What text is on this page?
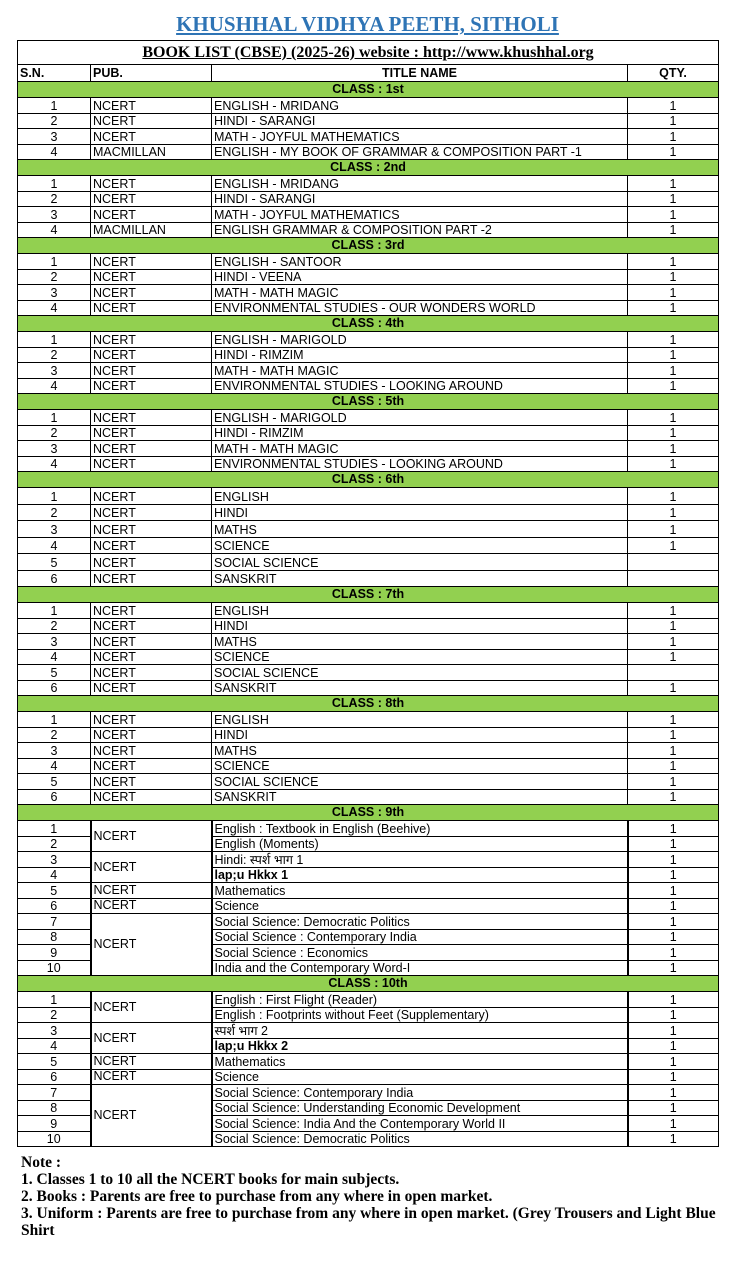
KHUSHHAL VIDHYA PEETH, SITHOLI
BOOK LIST (CBSE) (2025-26) website : http://www.khushhal.org			
S.N.	PUB.	TITLE NAME	QTY.
CLASS : 1st			
1	NCERT	ENGLISH - MRIDANG	1
2	NCERT	HINDI - SARANGI	1
3	NCERT	MATH - JOYFUL MATHEMATICS	1
4	MACMILLAN	ENGLISH - MY BOOK OF GRAMMAR & COMPOSITION PART -1	1
CLASS : 2nd			
1	NCERT	ENGLISH - MRIDANG	1
2	NCERT	HINDI - SARANGI	1
3	NCERT	MATH - JOYFUL MATHEMATICS	1
4	MACMILLAN	ENGLISH GRAMMAR & COMPOSITION PART -2	1
CLASS : 3rd			
1	NCERT	ENGLISH - SANTOOR	1
2	NCERT	HINDI - VEENA	1
3	NCERT	MATH - MATH MAGIC	1
4	NCERT	ENVIRONMENTAL STUDIES - OUR WONDERS WORLD	1
CLASS : 4th			
1	NCERT	ENGLISH - MARIGOLD	1
2	NCERT	HINDI - RIMZIM	1
3	NCERT	MATH - MATH MAGIC	1
4	NCERT	ENVIRONMENTAL STUDIES - LOOKING AROUND	1
CLASS : 5th			
1	NCERT	ENGLISH - MARIGOLD	1
2	NCERT	HINDI - RIMZIM	1
3	NCERT	MATH - MATH MAGIC	1
4	NCERT	ENVIRONMENTAL STUDIES - LOOKING AROUND	1
CLASS : 6th			
1	NCERT	ENGLISH	1
2	NCERT	HINDI	1
3	NCERT	MATHS	1
4	NCERT	SCIENCE	1
5	NCERT	SOCIAL SCIENCE	
6	NCERT	SANSKRIT	
CLASS : 7th			
1	NCERT	ENGLISH	1
2	NCERT	HINDI	1
3	NCERT	MATHS	1
4	NCERT	SCIENCE	1
5	NCERT	SOCIAL SCIENCE	
6	NCERT	SANSKRIT	1
CLASS : 8th			
1	NCERT	ENGLISH	1
2	NCERT	HINDI	1
3	NCERT	MATHS	1
4	NCERT	SCIENCE	1
5	NCERT	SOCIAL SCIENCE	1
6	NCERT	SANSKRIT	1
CLASS : 9th			
1	NCERT	English : Textbook in English (Beehive)	1
2		English (Moments)	1
3	NCERT	Hindi: स्पर्श भाग 1	1
4		lap;u Hkkx 1	1
5	NCERT	Mathematics	1
6	NCERT	Science	1
7	NCERT	Social Science: Democratic Politics	1
8		Social Science : Contemporary India	1
9		Social Science : Economics	1
10		India and the Contemporary Word-I	1
CLASS : 10th			
1	NCERT	English : First Flight (Reader)	1
2		English : Footprints without Feet (Supplementary)	1
3	NCERT	स्पर्श भाग 2	1
4		lap;u Hkkx 2	1
5	NCERT	Mathematics	1
6	NCERT	Science	1
7	NCERT	Social Science: Contemporary India	1
8		Social Science: Understanding Economic Development	1
9		Social Science: India And the Contemporary World II	1
10		Social Science: Democratic Politics	1
Note :
1. Classes 1 to 10 all the NCERT books for main subjects.
2. Books : Parents are free to purchase from any where in open market.
3. Uniform : Parents are free to purchase from any where in open market. (Grey Trousers and Light Blue Shirt
